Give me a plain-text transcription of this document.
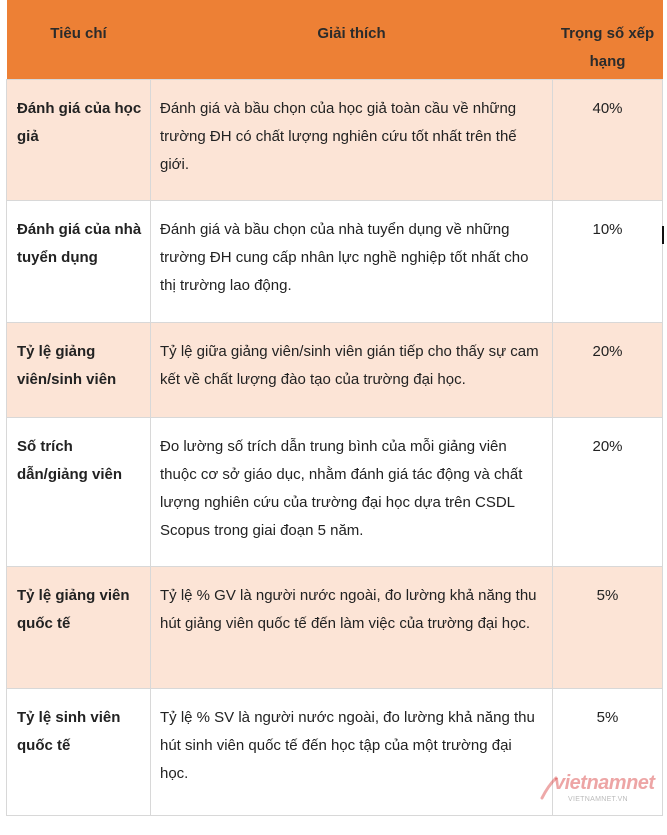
Tiêu chí	Giải thích	Trọng số xếp hạng
Đánh giá của học giả	Đánh giá và bầu chọn của học giả toàn cầu về những trường ĐH có chất lượng nghiên cứu tốt nhất trên thế giới.	40%
Đánh giá của nhà tuyển dụng	Đánh giá và bầu chọn của nhà tuyển dụng về những trường ĐH cung cấp nhân lực nghề nghiệp tốt nhất cho thị trường lao động.	10%
Tỷ lệ giảng viên/sinh viên	Tỷ lệ giữa giảng viên/sinh viên gián tiếp cho thấy sự cam kết về chất lượng đào tạo của trường đại học.	20%
Số trích dẫn/giảng viên	Đo lường số trích dẫn trung bình của mỗi giảng viên thuộc cơ sở giáo dục, nhằm đánh giá tác động và chất lượng nghiên cứu của trường đại học dựa trên CSDL Scopus trong giai đoạn 5 năm.	20%
Tỷ lệ giảng viên quốc tế	Tỷ lệ % GV là người nước ngoài, đo lường khả năng thu hút giảng viên quốc tế đến làm việc của trường đại học.	5%
Tỷ lệ sinh viên quốc tế	Tỷ lệ % SV là người nước ngoài, đo lường khả năng thu hút sinh viên quốc tế đến học tập của một trường đại học.	5%
vietnamnet
VIETNAMNET.VN
